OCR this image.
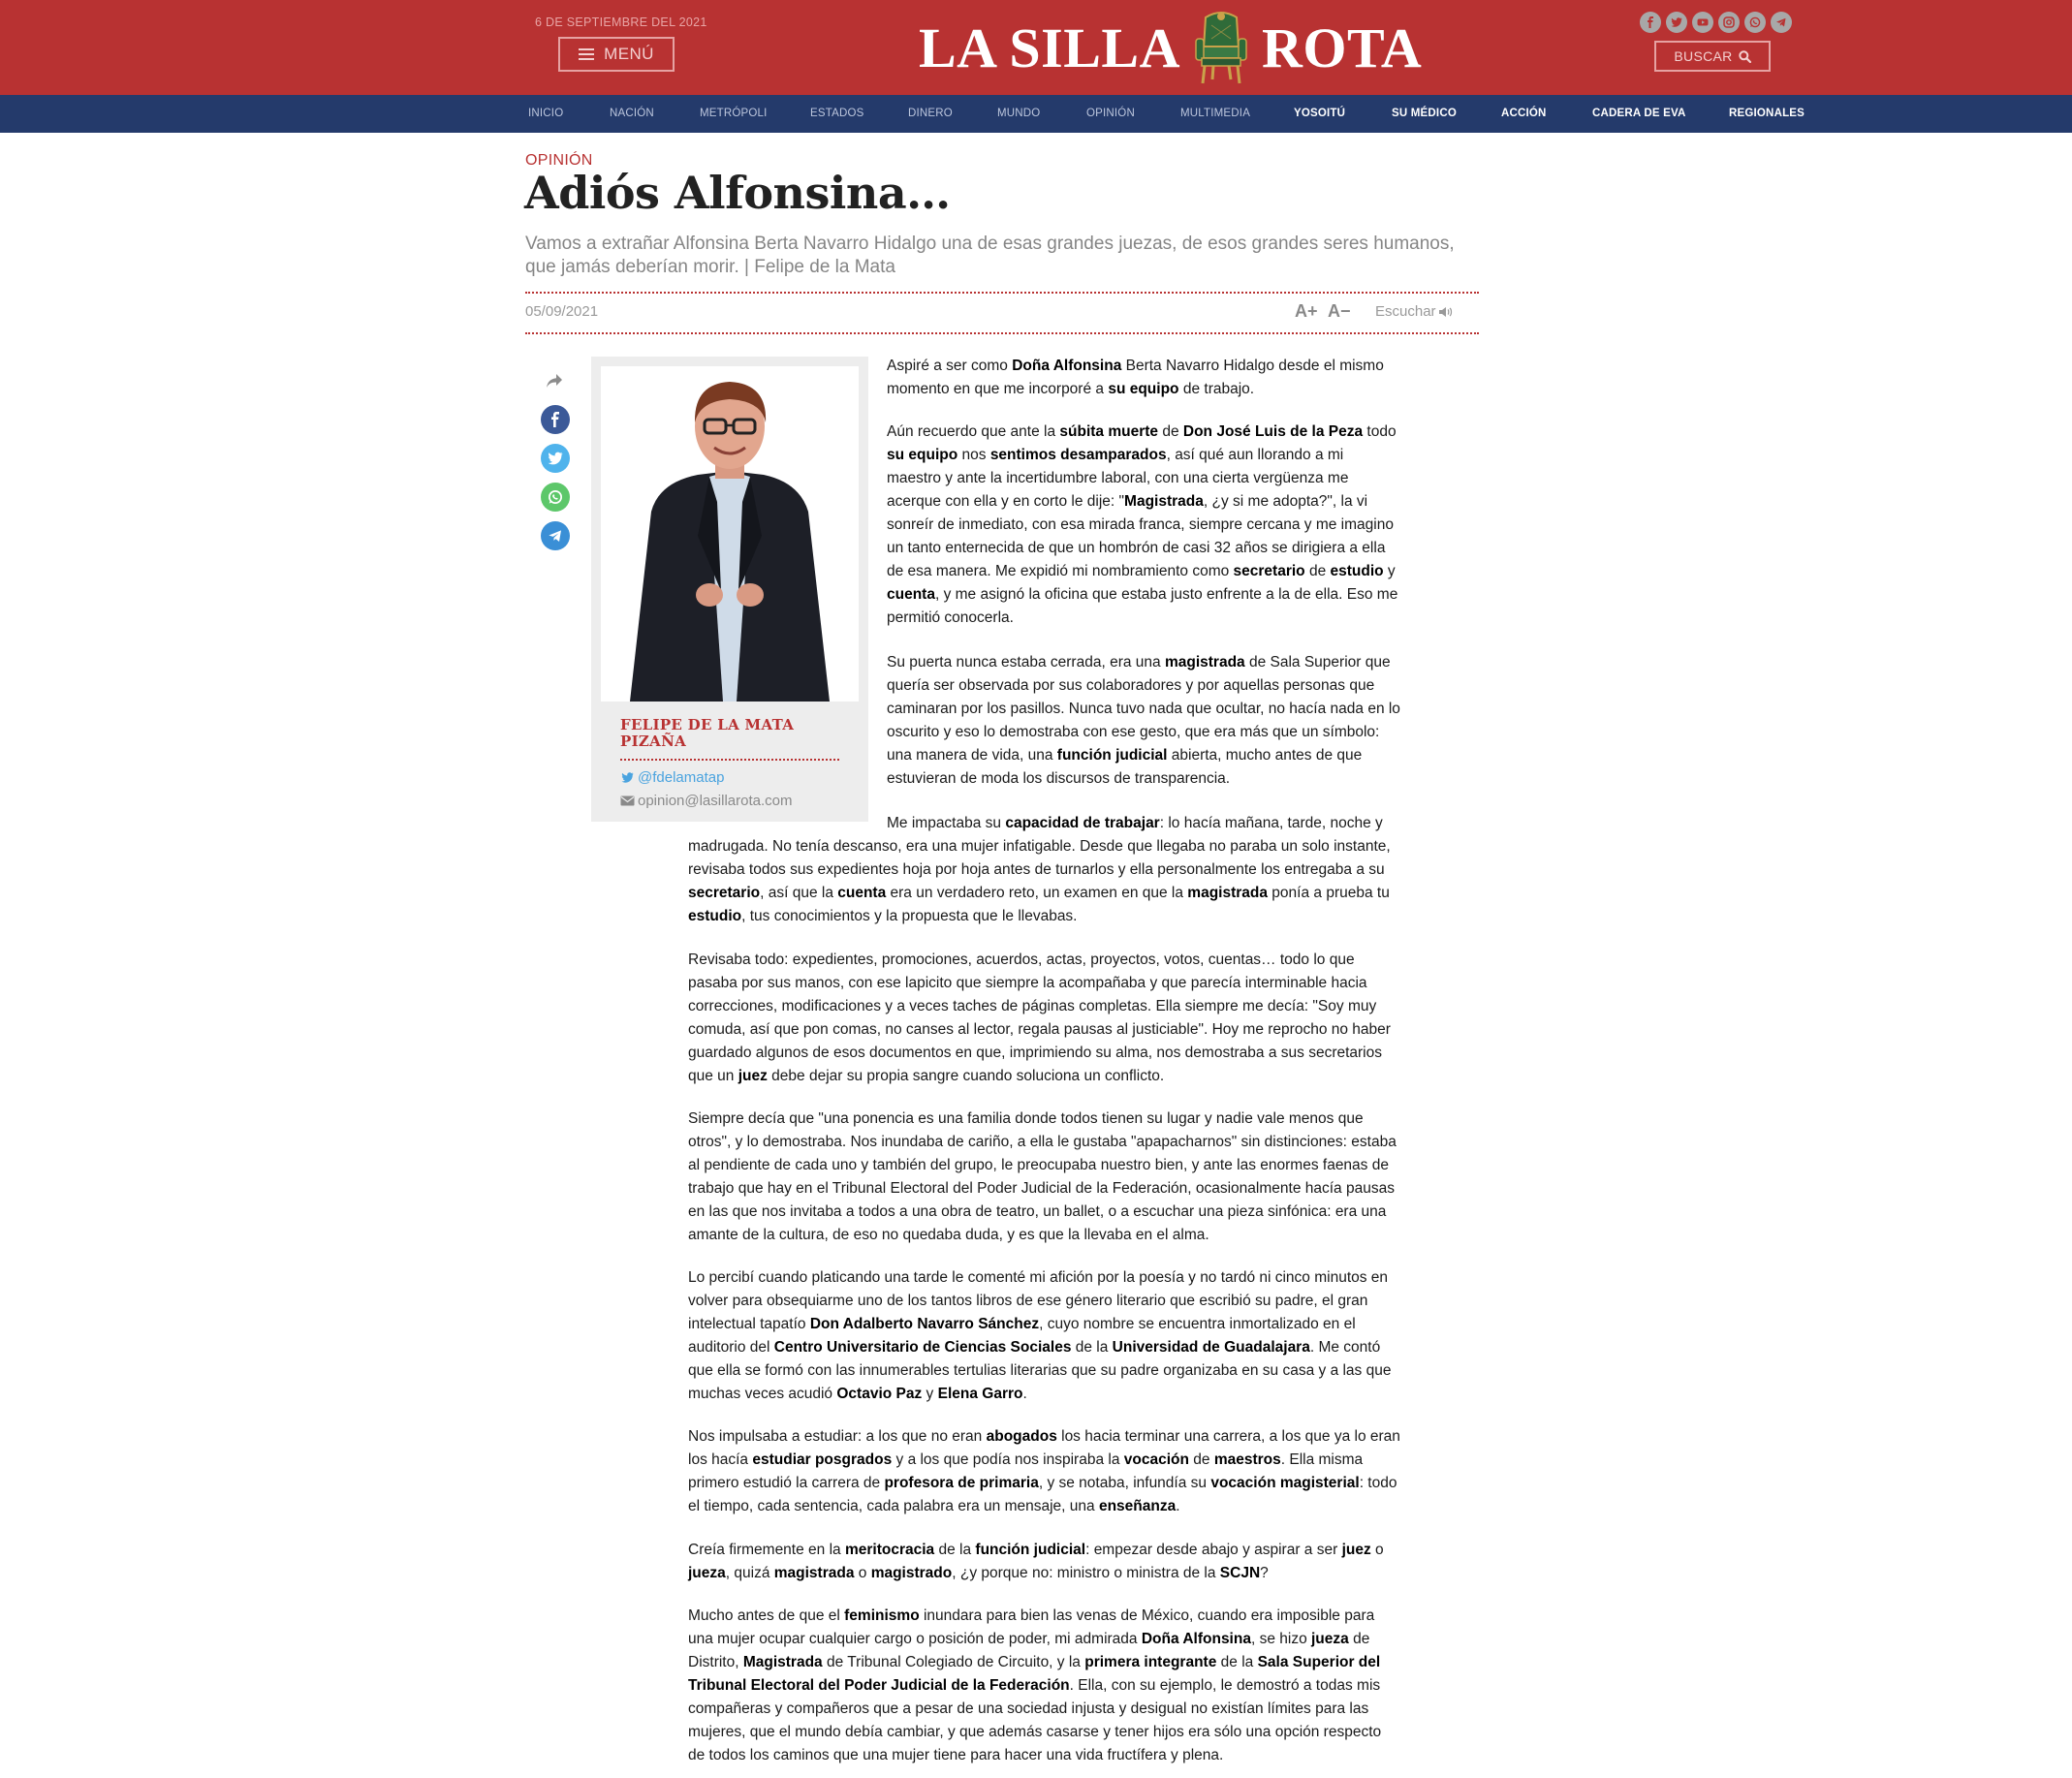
6 DE SEPTIEMBRE DEL 2021
MENÚ	LA SILLA ROTA	BUSCAR
INICIO	NACIÓN	METRÓPOLI	ESTADOS	DINERO	MUNDO	OPINIÓN	MULTIMEDIA	YOSOITÚ	SU MÉDICO	ACCIÓN	CADERA DE EVA	REGIONALES
OPINIÓN
Adiós Alfonsina…

Vamos a extrañar Alfonsina Berta Navarro Hidalgo una de esas grandes juezas, de esos grandes seres humanos, que jamás deberían morir. | Felipe de la Mata

05/09/2021	A+ A− Escuchar
FELIPE DE LA MATA PIZAÑA
@fdelamatap
opinion@lasillarota.com

Aspiré a ser como Doña Alfonsina Berta Navarro Hidalgo desde el mismo momento en que me incorporé a su equipo de trabajo.

Aún recuerdo que ante la súbita muerte de Don José Luis de la Peza todo su equipo nos sentimos desamparados, así qué aun llorando a mi maestro y ante la incertidumbre laboral, con una cierta vergüenza me acerque con ella y en corto le dije: "Magistrada, ¿y si me adopta?", la vi sonreír de inmediato, con esa mirada franca, siempre cercana y me imagino un tanto enternecida de que un hombrón de casi 32 años se dirigiera a ella de esa manera. Me expidió mi nombramiento como secretario de estudio y cuenta, y me asignó la oficina que estaba justo enfrente a la de ella. Eso me permitió conocerla.

Su puerta nunca estaba cerrada, era una magistrada de Sala Superior que quería ser observada por sus colaboradores y por aquellas personas que caminaran por los pasillos. Nunca tuvo nada que ocultar, no hacía nada en lo oscurito y eso lo demostraba con ese gesto, que era más que un símbolo: una manera de vida, una función judicial abierta, mucho antes de que estuvieran de moda los discursos de transparencia.

Me impactaba su capacidad de trabajar: lo hacía mañana, tarde, noche y madrugada. No tenía descanso, era una mujer infatigable. Desde que llegaba no paraba un solo instante, revisaba todos sus expedientes hoja por hoja antes de turnarlos y ella personalmente los entregaba a su secretario, así que la cuenta era un verdadero reto, un examen en que la magistrada ponía a prueba tu estudio, tus conocimientos y la propuesta que le llevabas.

Revisaba todo: expedientes, promociones, acuerdos, actas, proyectos, votos, cuentas… todo lo que pasaba por sus manos, con ese lapicito que siempre la acompañaba y que parecía interminable hacia correcciones, modificaciones y a veces taches de páginas completas. Ella siempre me decía: "Soy muy comuda, así que pon comas, no canses al lector, regala pausas al justiciable". Hoy me reprocho no haber guardado algunos de esos documentos en que, imprimiendo su alma, nos demostraba a sus secretarios que un juez debe dejar su propia sangre cuando soluciona un conflicto.

Siempre decía que "una ponencia es una familia donde todos tienen su lugar y nadie vale menos que otros", y lo demostraba. Nos inundaba de cariño, a ella le gustaba "apapacharnos" sin distinciones: estaba al pendiente de cada uno y también del grupo, le preocupaba nuestro bien, y ante las enormes faenas de trabajo que hay en el Tribunal Electoral del Poder Judicial de la Federación, ocasionalmente hacía pausas en las que nos invitaba a todos a una obra de teatro, un ballet, o a escuchar una pieza sinfónica: era una amante de la cultura, de eso no quedaba duda, y es que la llevaba en el alma.

Lo percibí cuando platicando una tarde le comenté mi afición por la poesía y no tardó ni cinco minutos en volver para obsequiarme uno de los tantos libros de ese género literario que escribió su padre, el gran intelectual tapatío Don Adalberto Navarro Sánchez, cuyo nombre se encuentra inmortalizado en el auditorio del Centro Universitario de Ciencias Sociales de la Universidad de Guadalajara. Me contó que ella se formó con las innumerables tertulias literarias que su padre organizaba en su casa y a las que muchas veces acudió Octavio Paz y Elena Garro.

Nos impulsaba a estudiar: a los que no eran abogados los hacia terminar una carrera, a los que ya lo eran los hacía estudiar posgrados y a los que podía nos inspiraba la vocación de maestros. Ella misma primero estudió la carrera de profesora de primaria, y se notaba, infundía su vocación magisterial: todo el tiempo, cada sentencia, cada palabra era un mensaje, una enseñanza.

Creía firmemente en la meritocracia de la función judicial: empezar desde abajo y aspirar a ser juez o jueza, quizá magistrada o magistrado, ¿y porque no: ministro o ministra de la SCJN?

Mucho antes de que el feminismo inundara para bien las venas de México, cuando era imposible para una mujer ocupar cualquier cargo o posición de poder, mi admirada Doña Alfonsina, se hizo jueza de Distrito, Magistrada de Tribunal Colegiado de Circuito, y la primera integrante de la Sala Superior del Tribunal Electoral del Poder Judicial de la Federación. Ella, con su ejemplo, le demostró a todas mis compañeras y compañeros que a pesar de una sociedad injusta y desigual no existían límites para las mujeres, que el mundo debía cambiar, y que además casarse y tener hijos era sólo una opción respecto de todos los caminos que una mujer tiene para hacer una vida fructífera y plena.
